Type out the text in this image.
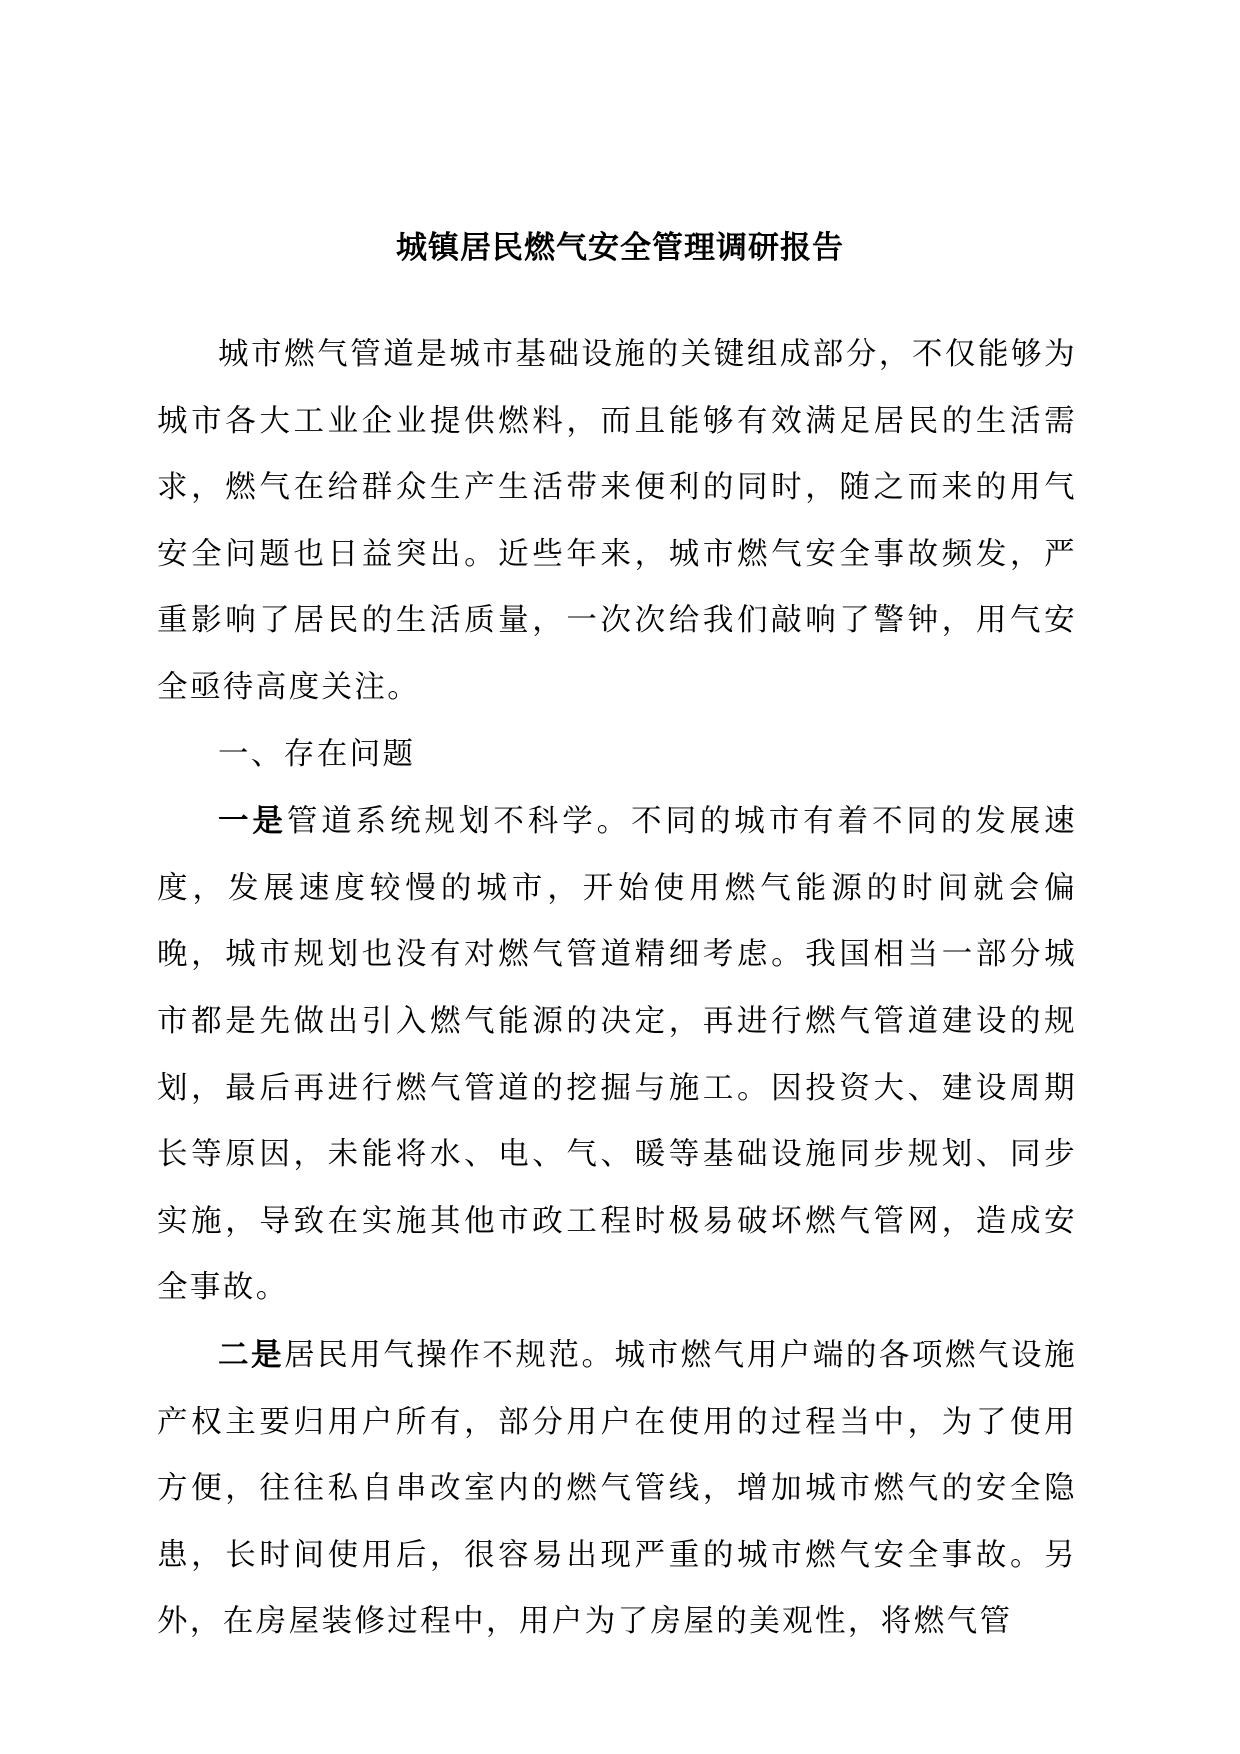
城镇居民燃气安全管理调研报告

城市燃气管道是城市基础设施的关键组成部分，不仅能够为城市各大工业企业提供燃料，而且能够有效满足居民的生活需求，燃气在给群众生产生活带来便利的同时，随之而来的用气安全问题也日益突出。近些年来，城市燃气安全事故频发，严重影响了居民的生活质量，一次次给我们敲响了警钟，用气安全亟待高度关注。

一、存在问题

一是管道系统规划不科学。不同的城市有着不同的发展速度，发展速度较慢的城市，开始使用燃气能源的时间就会偏晚，城市规划也没有对燃气管道精细考虑。我国相当一部分城市都是先做出引入燃气能源的决定，再进行燃气管道建设的规划，最后再进行燃气管道的挖掘与施工。因投资大、建设周期长等原因，未能将水、电、气、暖等基础设施同步规划、同步实施，导致在实施其他市政工程时极易破坏燃气管网，造成安全事故。

二是居民用气操作不规范。城市燃气用户端的各项燃气设施产权主要归用户所有，部分用户在使用的过程当中，为了使用方便，往往私自串改室内的燃气管线，增加城市燃气的安全隐患，长时间使用后，很容易出现严重的城市燃气安全事故。另外，在房屋装修过程中，用户为了房屋的美观性，将燃气管
